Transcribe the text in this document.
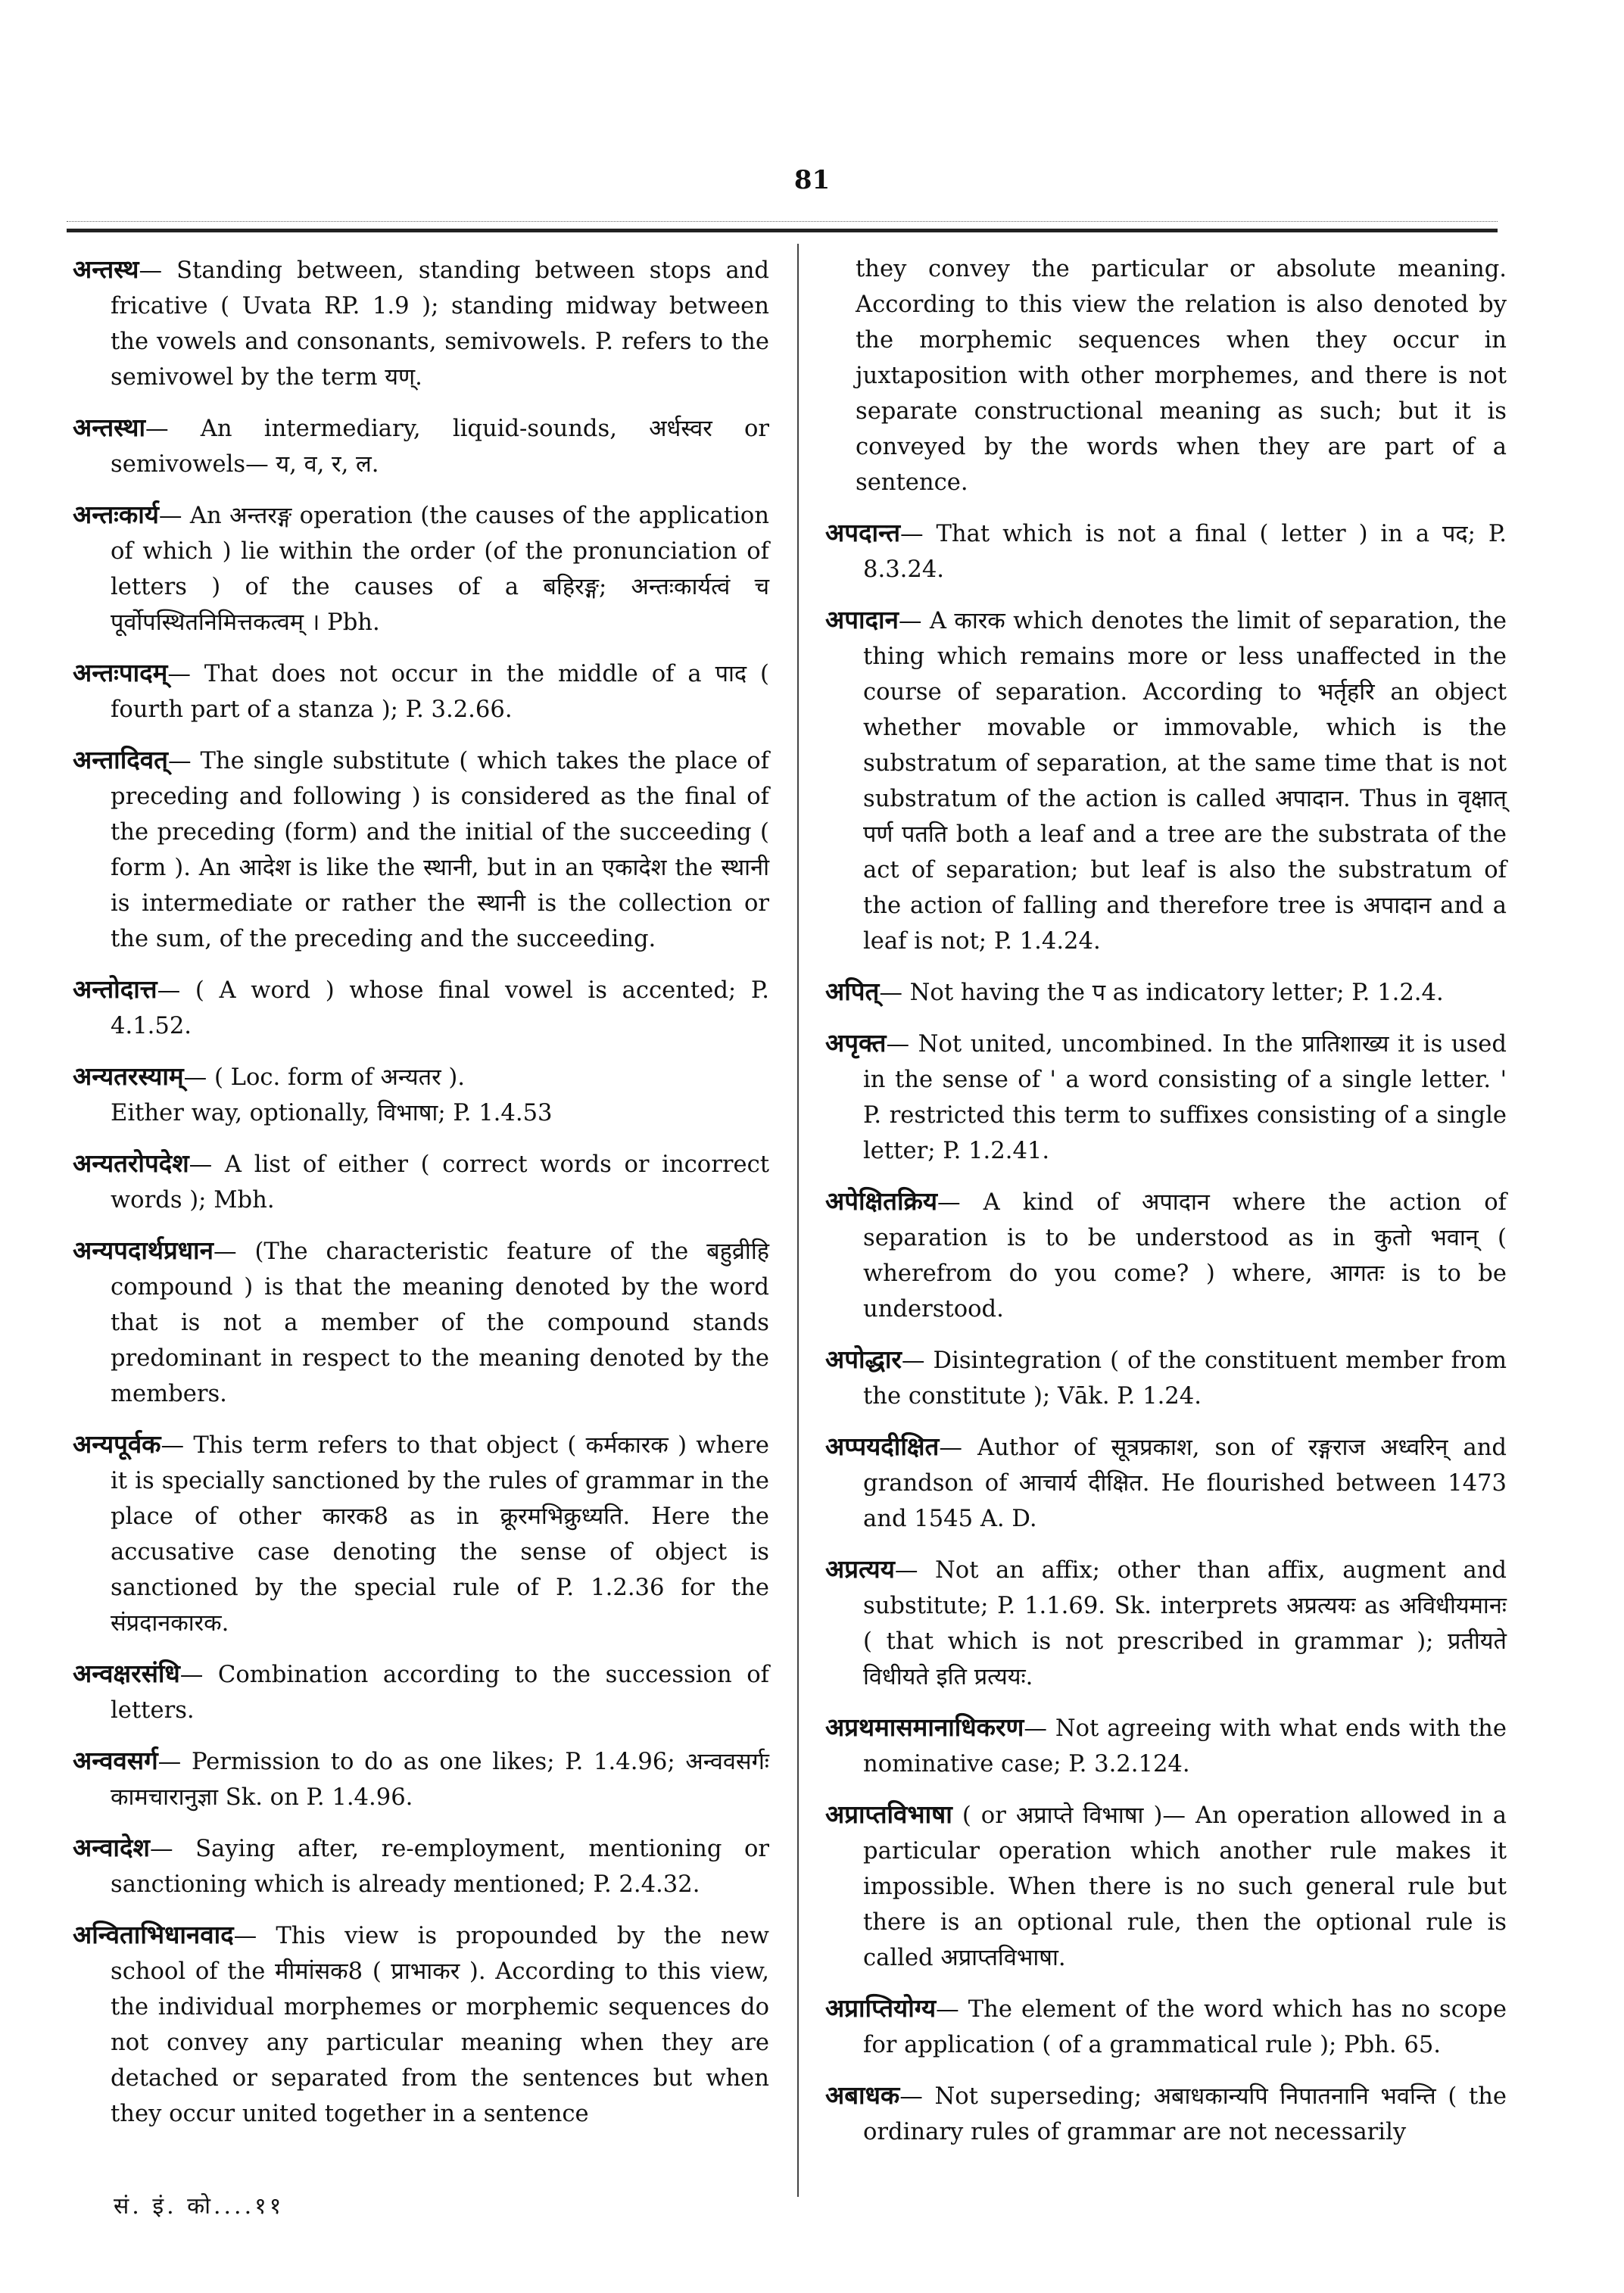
81

अन्तस्थ— Standing between, standing between stops and fricative ( Uvata RP. 1.9 ); standing midway between the vowels and consonants, semivowels. P. refers to the semivowel by the term यण्.

अन्तस्था— An intermediary, liquid-sounds, अर्धस्वर or semivowels— य, व, र, ल.

अन्तःकार्य— An अन्तरङ्ग operation (the causes of the application of which ) lie within the order (of the pronunciation of letters ) of the causes of a बहिरङ्ग; अन्तःकार्यत्वं च पूर्वोपस्थितनिमित्तकत्वम् । Pbh.

अन्तःपादम्— That does not occur in the middle of a पाद ( fourth part of a stanza ); P. 3.2.66.

अन्तादिवत्— The single substitute ( which takes the place of preceding and following ) is considered as the final of the preceding (form) and the initial of the succeeding ( form ). An आदेश is like the स्थानी, but in an एकादेश the स्थानी is intermediate or rather the स्थानी is the collection or the sum, of the preceding and the succeeding.

अन्तोदात्त— ( A word ) whose final vowel is accented; P. 4.1.52.

अन्यतरस्याम्— ( Loc. form of अन्यतर ).
Either way, optionally, विभाषा; P. 1.4.53

अन्यतरोपदेश— A list of either ( correct words or incorrect words ); Mbh.

अन्यपदार्थप्रधान— (The characteristic feature of the बहुव्रीहि compound ) is that the meaning denoted by the word that is not a member of the compound stands predominant in respect to the meaning denoted by the members.

अन्यपूर्वक— This term refers to that object ( कर्मकारक ) where it is specially sanctioned by the rules of grammar in the place of other कारक8 as in क्रूरमभिक्रुध्यति. Here the accusative case denoting the sense of object is sanctioned by the special rule of P. 1.2.36 for the संप्रदानकारक.

अन्वक्षरसंधि— Combination according to the succession of letters.

अन्ववसर्ग— Permission to do as one likes; P. 1.4.96; अन्ववसर्गः कामचारानुज्ञा Sk. on P. 1.4.96.

अन्वादेश— Saying after, re-employment, mentioning or sanctioning which is already mentioned; P. 2.4.32.

अन्विताभिधानवाद— This view is propounded by the new school of the मीमांसक8 ( प्राभाकर ). According to this view, the individual morphemes or morphemic sequences do not convey any particular meaning when they are detached or separated from the sentences but when they occur united together in a sentence

they convey the particular or absolute meaning. According to this view the relation is also denoted by the morphemic sequences when they occur in juxtaposition with other morphemes, and there is not separate constructional meaning as such; but it is conveyed by the words when they are part of a sentence.

अपदान्त— That which is not a final ( letter ) in a पद; P. 8.3.24.

अपादान— A कारक which denotes the limit of separation, the thing which remains more or less unaffected in the course of separation. According to भर्तृहरि an object whether movable or immovable, which is the substratum of separation, at the same time that is not substratum of the action is called अपादान. Thus in वृक्षात् पर्ण पतति both a leaf and a tree are the substrata of the act of separation; but leaf is also the substratum of the action of falling and therefore tree is अपादान and a leaf is not; P. 1.4.24.

अपित्— Not having the प as indicatory letter; P. 1.2.4.

अपृक्त— Not united, uncombined. In the प्रातिशाख्य it is used in the sense of ' a word consisting of a single letter. ' P. restricted this term to suffixes consisting of a single letter; P. 1.2.41.

अपेक्षितक्रिय— A kind of अपादान where the action of separation is to be understood as in कुतो भवान् ( wherefrom do you come? ) where, आगतः is to be understood.

अपोद्धार— Disintegration ( of the constituent member from the constitute ); Vāk. P. 1.24.

अप्पयदीक्षित— Author of सूत्रप्रकाश, son of रङ्गराज अध्वरिन् and grandson of आचार्य दीक्षित. He flourished between 1473 and 1545 A. D.

अप्रत्यय— Not an affix; other than affix, augment and substitute; P. 1.1.69. Sk. interprets अप्रत्ययः as अविधीयमानः ( that which is not prescribed in grammar ); प्रतीयते विधीयते इति प्रत्ययः.

अप्रथमासमानाधिकरण— Not agreeing with what ends with the nominative case; P. 3.2.124.

अप्राप्तविभाषा ( or अप्राप्ते विभाषा )— An operation allowed in a particular operation which another rule makes it impossible. When there is no such general rule but there is an optional rule, then the optional rule is called अप्राप्तविभाषा.

अप्राप्तियोग्य— The element of the word which has no scope for application ( of a grammatical rule ); Pbh. 65.

अबाधक— Not superseding; अबाधकान्यपि निपातनानि भवन्ति ( the ordinary rules of grammar are not necessarily

सं. इं. को....११
